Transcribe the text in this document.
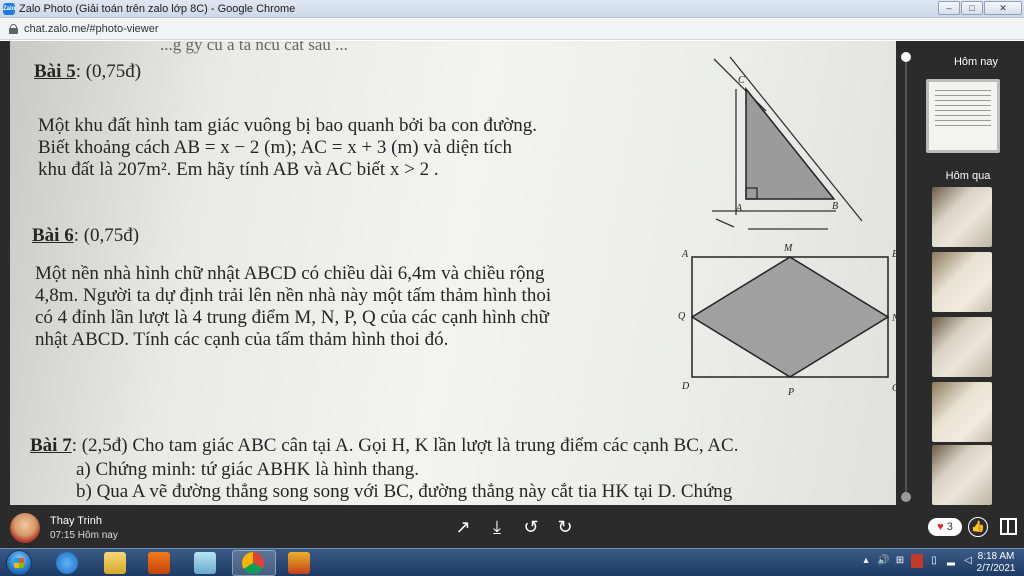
Zalo Zalo Photo (Giải toán trên zalo lớp 8C) - Google Chrome	–	□	✕
chat.zalo.me/#photo-viewer
...g gy cu a ta ncu cat sau ...
Bài 5: (0,75đ)
Một khu đất hình tam giác vuông bị bao quanh bởi ba con đường.
Biết khoảng cách AB = x − 2 (m); AC = x + 3 (m) và diện tích
khu đất là 207m². Em hãy tính AB và AC biết x > 2 .
Bài 6: (0,75đ)
Một nền nhà hình chữ nhật ABCD có chiều dài 6,4m và chiều rộng
4,8m. Người ta dự định trải lên nền nhà này một tấm thảm hình thoi
có 4 đỉnh lần lượt là 4 trung điểm M, N, P, Q của các cạnh hình chữ
nhật ABCD. Tính các cạnh của tấm thảm hình thoi đó.
Bài 7: (2,5đ) Cho tam giác ABC cân tại A. Gọi H, K lần lượt là trung điểm các cạnh BC, AC.
a) Chứng minh: tứ giác ABHK là hình thang.
b) Qua A vẽ đường thẳng song song với BC, đường thẳng này cắt tia HK tại D. Chứng
C
A	B
A
M
B
Q	N
D
P	C
Hôm nay
Hôm qua
Thay Trinh
07:15 Hôm nay	↗	⤓	↺ ↻	♥ 3 👍
▴ 🔊 ⊞	▯	▂ ◁ 8:18 AM
2/7/2021
